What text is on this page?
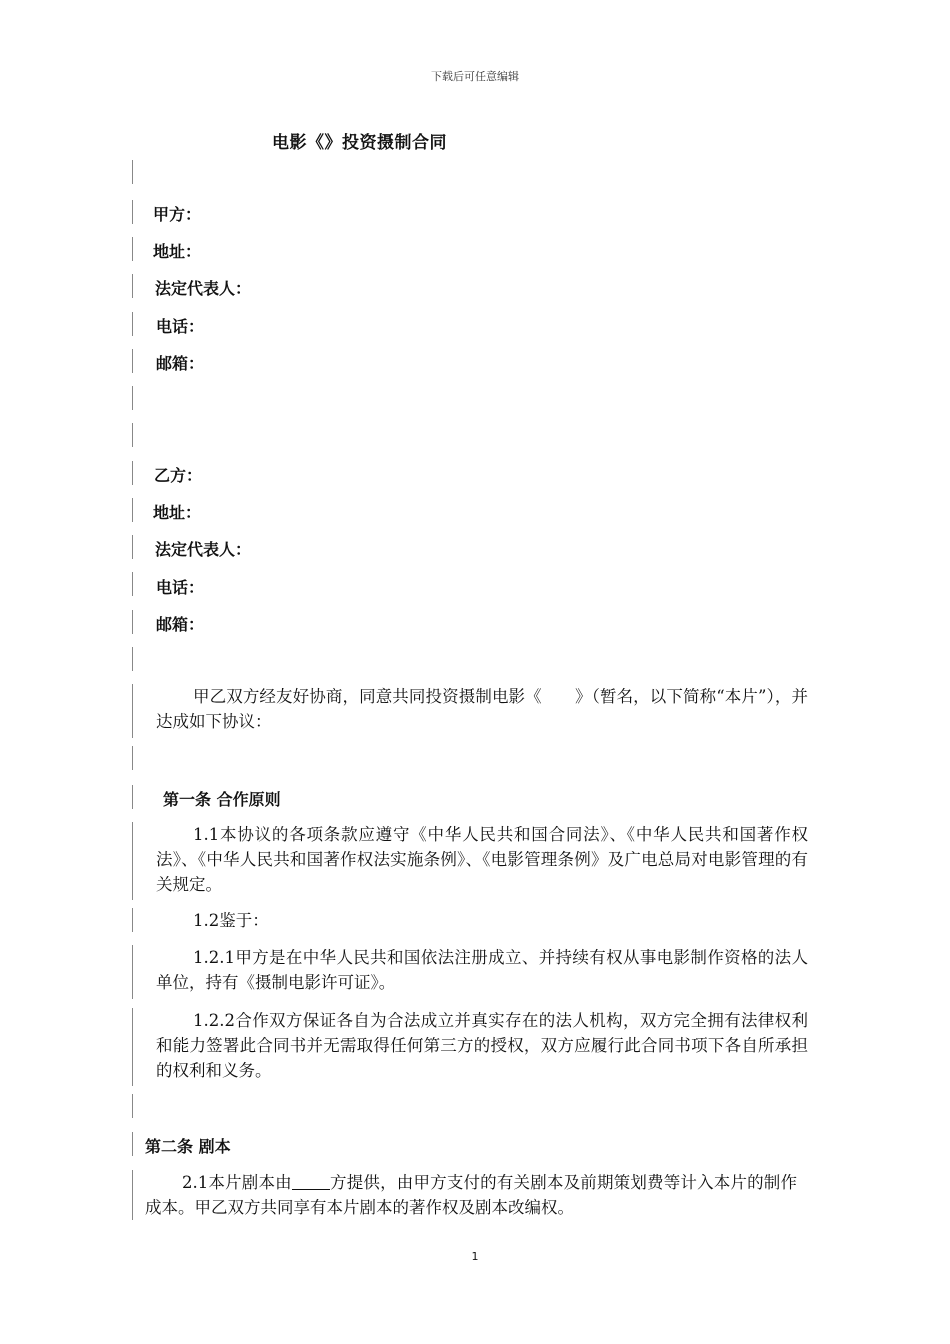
下载后可任意编辑
电影《》投资摄制合同
甲方：
地址：
法定代表人：
电话：
邮箱：
乙方：
地址：
法定代表人：
电话：
邮箱：
甲乙双方经友好协商，同意共同投资摄制电影《　　》（暂名，以下简称“本片”），并达成如下协议：
第一条 合作原则
1.1本协议的各项条款应遵守《中华人民共和国合同法》、《中华人民共和国著作权法》、《中华人民共和国著作权法实施条例》、《电影管理条例》及广电总局对电影管理的有关规定。
1.2鉴于：
1.2.1甲方是在中华人民共和国依法注册成立、并持续有权从事电影制作资格的法人单位，持有《摄制电影许可证》。
1.2.2合作双方保证各自为合法成立并真实存在的法人机构，双方完全拥有法律权利和能力签署此合同书并无需取得任何第三方的授权，双方应履行此合同书项下各自所承担的权利和义务。
第二条 剧本
2.1本片剧本由 方提供，由甲方支付的有关剧本及前期策划费等计入本片的制作成本。甲乙双方共同享有本片剧本的著作权及剧本改编权。
1
